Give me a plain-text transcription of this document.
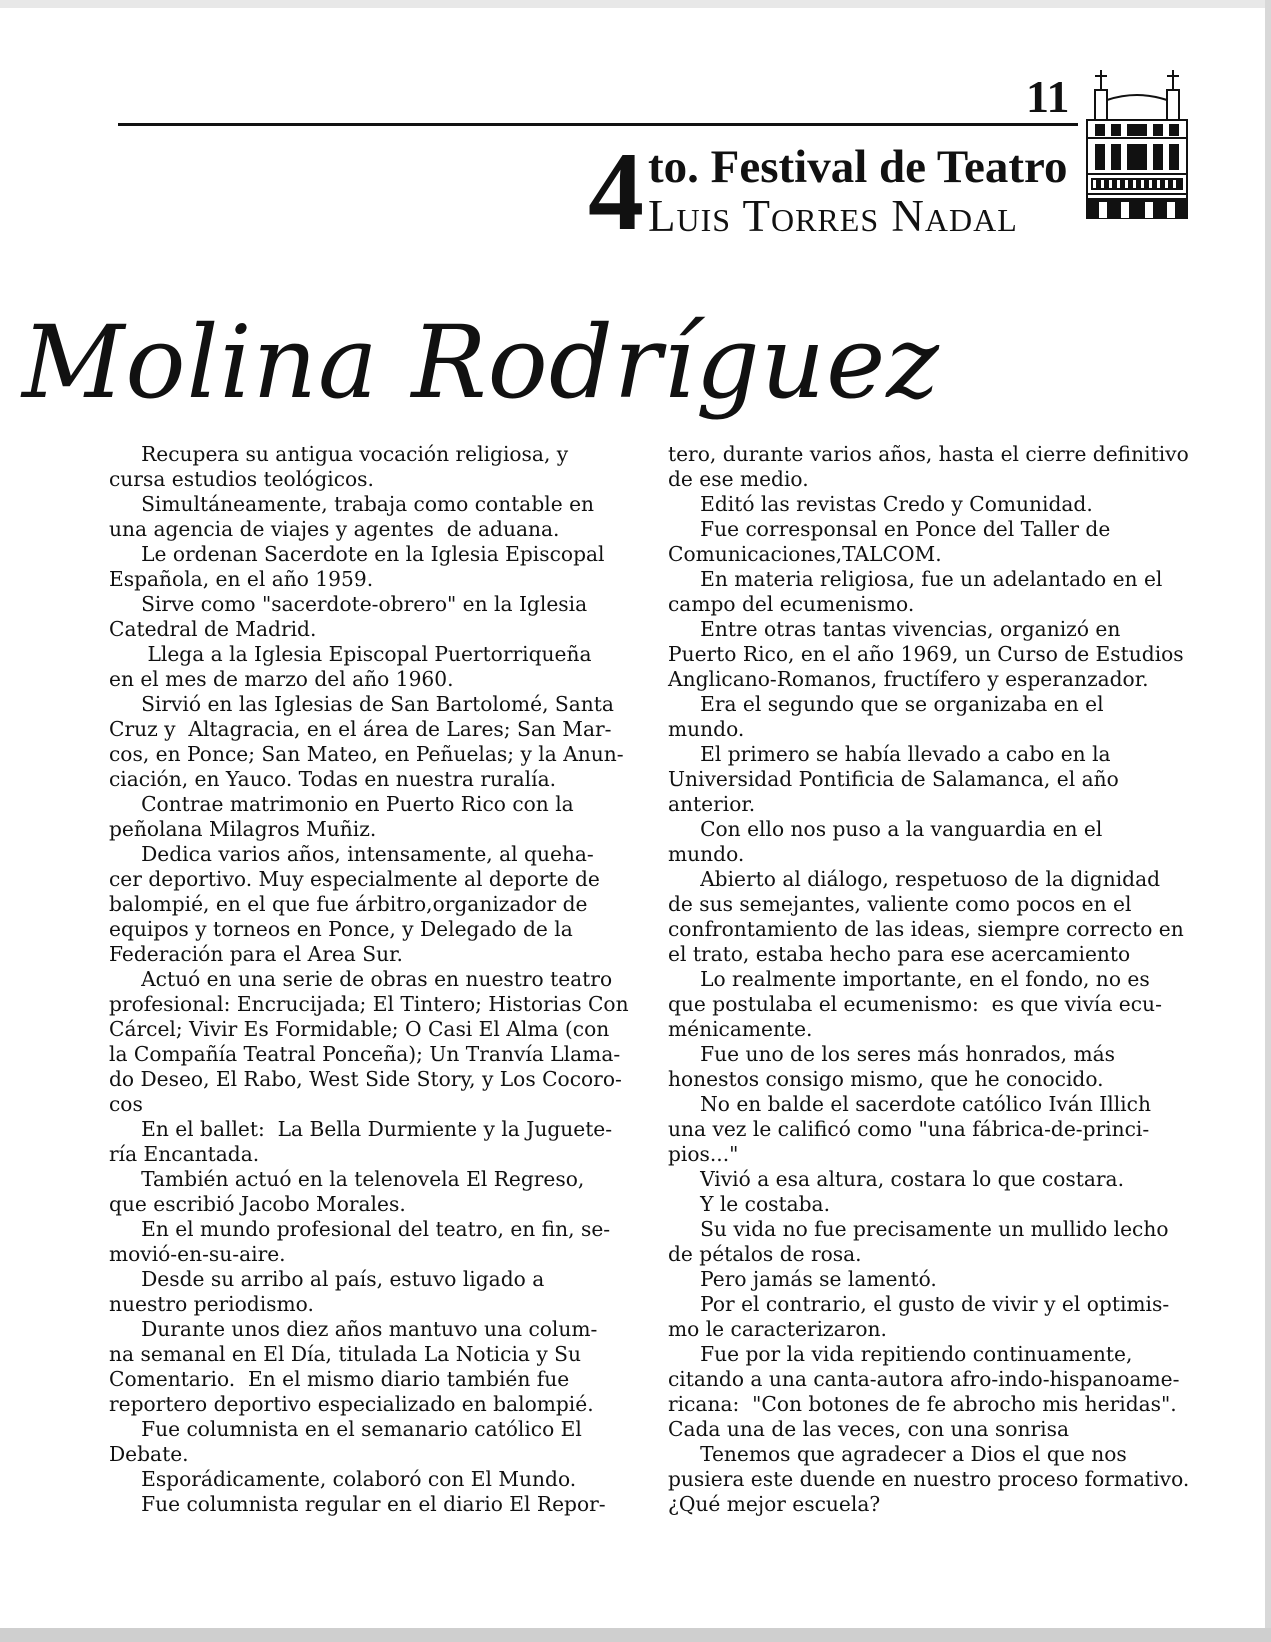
11
4 to. Festival de Teatro
Luis Torres Nadal
Molina Rodríguez

Recupera su antigua vocación religiosa, y

cursa estudios teológicos.

Simultáneamente, trabaja como contable en

una agencia de viajes y agentes  de aduana.

Le ordenan Sacerdote en la Iglesia Episcopal

Española, en el año 1959.

Sirve como "sacerdote-obrero" en la Iglesia

Catedral de Madrid.

Llega a la Iglesia Episcopal Puertorriqueña

en el mes de marzo del año 1960.

Sirvió en las Iglesias de San Bartolomé, Santa

Cruz y  Altagracia, en el área de Lares; San Mar-

cos, en Ponce; San Mateo, en Peñuelas; y la Anun-

ciación, en Yauco. Todas en nuestra ruralía.

Contrae matrimonio en Puerto Rico con la

peñolana Milagros Muñiz.

Dedica varios años, intensamente, al queha-

cer deportivo. Muy especialmente al deporte de

balompié, en el que fue árbitro,organizador de

equipos y torneos en Ponce, y Delegado de la

Federación para el Area Sur.

Actuó en una serie de obras en nuestro teatro

profesional: Encrucijada; El Tintero; Historias Con

Cárcel; Vivir Es Formidable; O Casi El Alma (con

la Compañía Teatral Ponceña); Un Tranvía Llama-

do Deseo, El Rabo, West Side Story, y Los Cocoro-

cos

En el ballet:  La Bella Durmiente y la Juguete-

ría Encantada.

También actuó en la telenovela El Regreso,

que escribió Jacobo Morales.

En el mundo profesional del teatro, en fin, se-

movió-en-su-aire.

Desde su arribo al país, estuvo ligado a

nuestro periodismo.

Durante unos diez años mantuvo una colum-

na semanal en El Día, titulada La Noticia y Su

Comentario.  En el mismo diario también fue

reportero deportivo especializado en balompié.

Fue columnista en el semanario católico El

Debate.

Esporádicamente, colaboró con El Mundo.

Fue columnista regular en el diario El Repor-

tero, durante varios años, hasta el cierre definitivo

de ese medio.

Editó las revistas Credo y Comunidad.

Fue corresponsal en Ponce del Taller de

Comunicaciones,TALCOM.

En materia religiosa, fue un adelantado en el

campo del ecumenismo.

Entre otras tantas vivencias, organizó en

Puerto Rico, en el año 1969, un Curso de Estudios

Anglicano-Romanos, fructífero y esperanzador.

Era el segundo que se organizaba en el

mundo.

El primero se había llevado a cabo en la

Universidad Pontificia de Salamanca, el año

anterior.

Con ello nos puso a la vanguardia en el

mundo.

Abierto al diálogo, respetuoso de la dignidad

de sus semejantes, valiente como pocos en el

confrontamiento de las ideas, siempre correcto en

el trato, estaba hecho para ese acercamiento

Lo realmente importante, en el fondo, no es

que postulaba el ecumenismo:  es que vivía ecu-

ménicamente.

Fue uno de los seres más honrados, más

honestos consigo mismo, que he conocido.

No en balde el sacerdote católico Iván Illich

una vez le calificó como "una fábrica-de-princi-

pios..."

Vivió a esa altura, costara lo que costara.

Y le costaba.

Su vida no fue precisamente un mullido lecho

de pétalos de rosa.

Pero jamás se lamentó.

Por el contrario, el gusto de vivir y el optimis-

mo le caracterizaron.

Fue por la vida repitiendo continuamente,

citando a una canta-autora afro-indo-hispanoame-

ricana:  "Con botones de fe abrocho mis heridas".

Cada una de las veces, con una sonrisa

Tenemos que agradecer a Dios el que nos

pusiera este duende en nuestro proceso formativo.

¿Qué mejor escuela?
